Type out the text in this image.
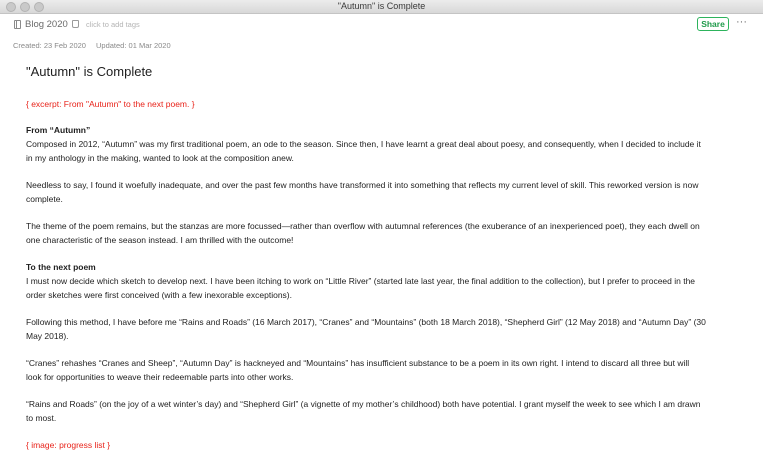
"Autumn" is Complete
Blog 2020 click to add tags	Share	···
Created: 23 Feb 2020 Updated: 01 Mar 2020
"Autumn" is Complete
{ excerpt: From "Autumn" to the next poem. }
From “Autumn”
Composed in 2012, “Autumn” was my first traditional poem, an ode to the season. Since then, I have learnt a great deal about poesy, and consequently, when I decided to include it
in my anthology in the making, wanted to look at the composition anew.
Needless to say, I found it woefully inadequate, and over the past few months have transformed it into something that reflects my current level of skill. This reworked version is now
complete.
The theme of the poem remains, but the stanzas are more focussed—rather than overflow with autumnal references (the exuberance of an inexperienced poet), they each dwell on
one characteristic of the season instead. I am thrilled with the outcome!
To the next poem
I must now decide which sketch to develop next. I have been itching to work on “Little River” (started late last year, the final addition to the collection), but I prefer to proceed in the
order sketches were first conceived (with a few inexorable exceptions).
Following this method, I have before me “Rains and Roads” (16 March 2017), “Cranes” and “Mountains” (both 18 March 2018), “Shepherd Girl” (12 May 2018) and “Autumn Day” (30
May 2018).
“Cranes” rehashes “Cranes and Sheep”, “Autumn Day” is hackneyed and “Mountains” has insufficient substance to be a poem in its own right. I intend to discard all three but will
look for opportunities to weave their redeemable parts into other works.
“Rains and Roads” (on the joy of a wet winter’s day) and “Shepherd Girl” (a vignette of my mother’s childhood) both have potential. I grant myself the week to see which I am drawn
to most.
{ image: progress list }
